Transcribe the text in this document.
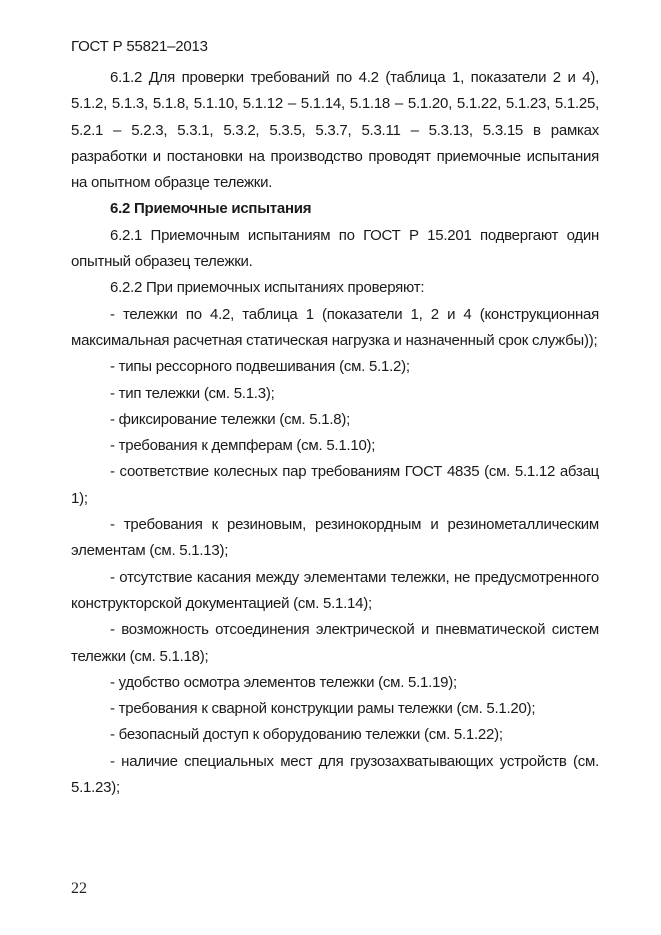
ГОСТ Р 55821–2013

6.1.2 Для проверки требований по 4.2 (таблица 1, показатели 2 и 4), 5.1.2, 5.1.3, 5.1.8, 5.1.10, 5.1.12 – 5.1.14, 5.1.18 – 5.1.20, 5.1.22, 5.1.23, 5.1.25, 5.2.1 – 5.2.3, 5.3.1, 5.3.2, 5.3.5, 5.3.7, 5.3.11 – 5.3.13, 5.3.15 в рамках разработки и постановки на производство проводят приемочные испытания на опытном образце тележки.

6.2 Приемочные испытания

6.2.1 Приемочным испытаниям по ГОСТ Р 15.201 подвергают один опытный образец тележки.

6.2.2 При приемочных испытаниях проверяют:

- тележки по 4.2, таблица 1 (показатели 1, 2 и 4 (конструкционная максимальная расчетная статическая нагрузка и назначенный срок службы));

- типы рессорного подвешивания (см. 5.1.2);

- тип тележки (см. 5.1.3);

- фиксирование тележки (см. 5.1.8);

- требования к демпферам (см. 5.1.10);

- соответствие колесных пар требованиям ГОСТ 4835 (см. 5.1.12 абзац 1);

- требования к резиновым, резинокордным и резинометаллическим элементам (см. 5.1.13);

- отсутствие касания между элементами тележки, не предусмотренного конструкторской документацией (см. 5.1.14);

- возможность отсоединения электрической и пневматической систем тележки (см. 5.1.18);

- удобство осмотра элементов тележки (см. 5.1.19);

- требования к сварной конструкции рамы тележки (см. 5.1.20);

- безопасный доступ к оборудованию тележки (см. 5.1.22);

- наличие специальных мест для грузозахватывающих устройств (см. 5.1.23);

22
